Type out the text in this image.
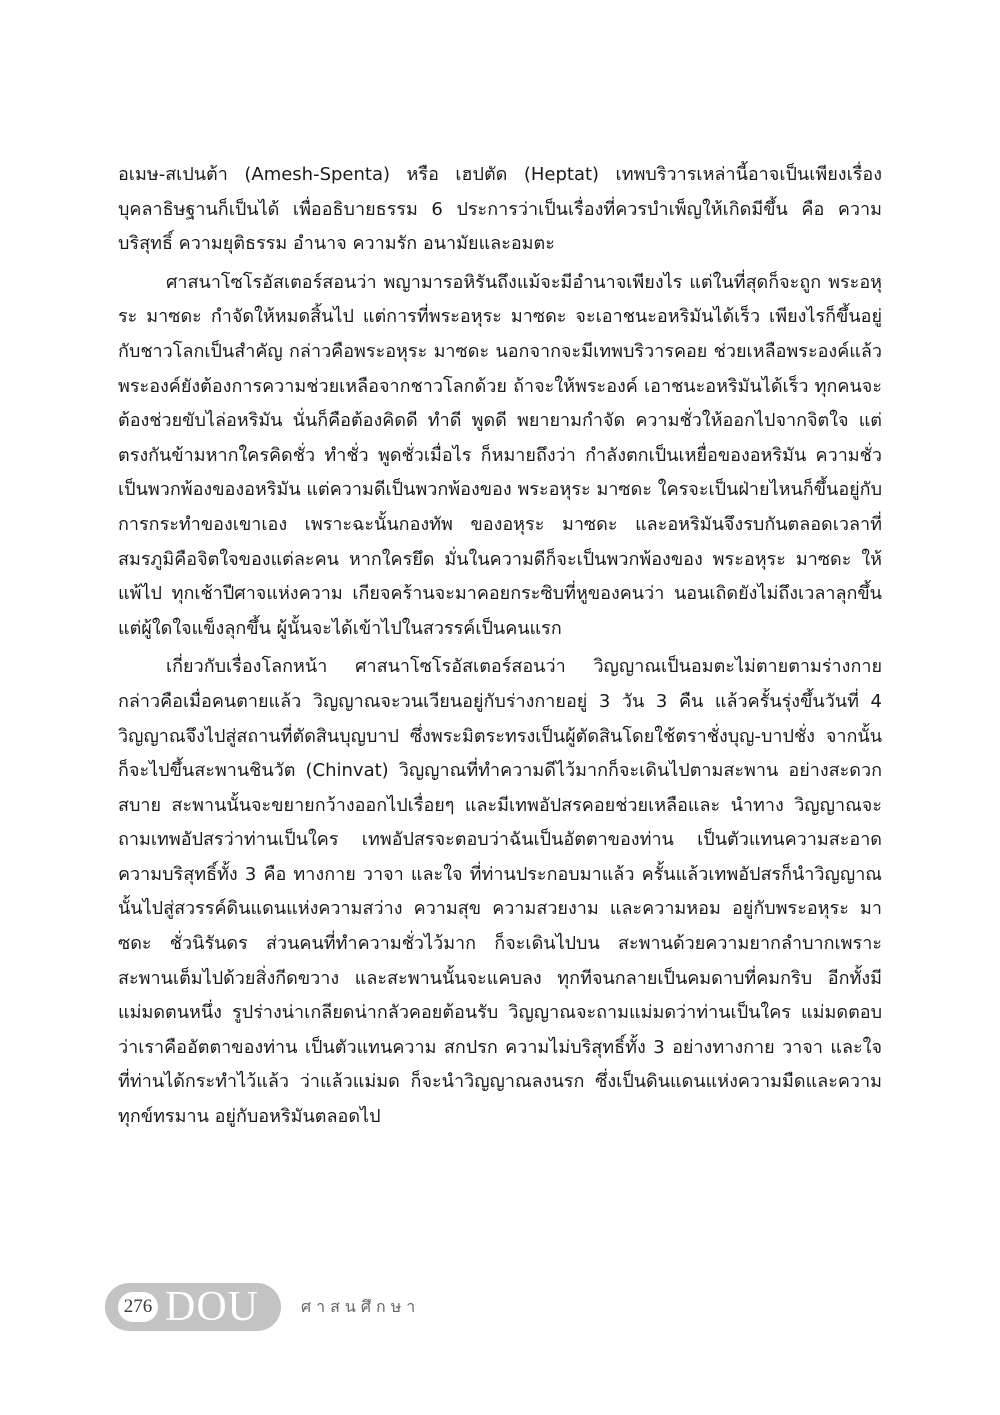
อเมษ-สเปนต้า (Amesh-Spenta) หรือ เฮปตัด (Heptat) เทพบริวารเหล่านี้อาจเป็นเพียงเรื่อง บุคลาธิษฐานก็เป็นได้ เพื่ออธิบายธรรม 6 ประการว่าเป็นเรื่องที่ควรบำเพ็ญให้เกิดมีขึ้น คือ ความ บริสุทธิ์ ความยุติธรรม อำนาจ ความรัก อนามัยและอมตะ

ศาสนาโซโรอัสเตอร์สอนว่า พญามารอหิรันถึงแม้จะมีอำนาจเพียงไร แต่ในที่สุดก็จะถูก พระอหุระ มาซดะ กำจัดให้หมดสิ้นไป แต่การที่พระอหุระ มาซดะ จะเอาชนะอหริมันได้เร็ว เพียงไรก็ขึ้นอยู่กับชาวโลกเป็นสำคัญ กล่าวคือพระอหุระ มาซดะ นอกจากจะมีเทพบริวารคอย ช่วยเหลือพระองค์แล้ว พระองค์ยังต้องการความช่วยเหลือจากชาวโลกด้วย ถ้าจะให้พระองค์ เอาชนะอหริมันได้เร็ว ทุกคนจะต้องช่วยขับไล่อหริมัน นั่นก็คือต้องคิดดี ทำดี พูดดี พยายามกำจัด ความชั่วให้ออกไปจากจิตใจ แต่ตรงกันข้ามหากใครคิดชั่ว ทำชั่ว พูดชั่วเมื่อไร ก็หมายถึงว่า กำลังตกเป็นเหยื่อของอหริมัน ความชั่วเป็นพวกพ้องของอหริมัน แต่ความดีเป็นพวกพ้องของ พระอหุระ มาซดะ ใครจะเป็นฝ่ายไหนก็ขึ้นอยู่กับการกระทำของเขาเอง เพราะฉะนั้นกองทัพ ของอหุระ มาซดะ และอหริมันจึงรบกันตลอดเวลาที่สมรภูมิคือจิตใจของแต่ละคน หากใครยึด มั่นในความดีก็จะเป็นพวกพ้องของ พระอหุระ มาซดะ ให้แพ้ไป ทุกเช้าปีศาจแห่งความ เกียจคร้านจะมาคอยกระซิบที่หูของคนว่า นอนเถิดยังไม่ถึงเวลาลุกขึ้น แต่ผู้ใดใจแข็งลุกขึ้น ผู้นั้นจะได้เข้าไปในสวรรค์เป็นคนแรก

เกี่ยวกับเรื่องโลกหน้า ศาสนาโซโรอัสเตอร์สอนว่า วิญญาณเป็นอมตะไม่ตายตามร่างกาย กล่าวคือเมื่อคนตายแล้ว วิญญาณจะวนเวียนอยู่กับร่างกายอยู่ 3 วัน 3 คืน แล้วครั้นรุ่งขึ้นวันที่ 4 วิญญาณจึงไปสู่สถานที่ตัดสินบุญบาป ซึ่งพระมิตระทรงเป็นผู้ตัดสินโดยใช้ตราชั่งบุญ-บาปชั่ง จากนั้นก็จะไปขึ้นสะพานชินวัต (Chinvat) วิญญาณที่ทำความดีไว้มากก็จะเดินไปตามสะพาน อย่างสะดวกสบาย สะพานนั้นจะขยายกว้างออกไปเรื่อยๆ และมีเทพอัปสรคอยช่วยเหลือและ นำทาง วิญญาณจะถามเทพอัปสรว่าท่านเป็นใคร เทพอัปสรจะตอบว่าฉันเป็นอัตตาของท่าน เป็นตัวแทนความสะอาด ความบริสุทธิ์ทั้ง 3 คือ ทางกาย วาจา และใจ ที่ท่านประกอบมาแล้ว ครั้นแล้วเทพอัปสรก็นำวิญญาณนั้นไปสู่สวรรค์ดินแดนแห่งความสว่าง ความสุข ความสวยงาม และความหอม อยู่กับพระอหุระ มาซดะ ชั่วนิรันดร ส่วนคนที่ทำความชั่วไว้มาก ก็จะเดินไปบน สะพานด้วยความยากลำบากเพราะสะพานเต็มไปด้วยสิ่งกีดขวาง และสะพานนั้นจะแคบลง ทุกทีจนกลายเป็นคมดาบที่คมกริบ อีกทั้งมีแม่มดตนหนึ่ง รูปร่างน่าเกลียดน่ากลัวคอยต้อนรับ วิญญาณจะถามแม่มดว่าท่านเป็นใคร แม่มดตอบว่าเราคืออัตตาของท่าน เป็นตัวแทนความ สกปรก ความไม่บริสุทธิ์ทั้ง 3 อย่างทางกาย วาจา และใจ ที่ท่านได้กระทำไว้แล้ว ว่าแล้วแม่มด ก็จะนำวิญญาณลงนรก ซึ่งเป็นดินแดนแห่งความมืดและความทุกข์ทรมาน อยู่กับอหริมันตลอดไป

276 DOU	ศาสนศึกษา
